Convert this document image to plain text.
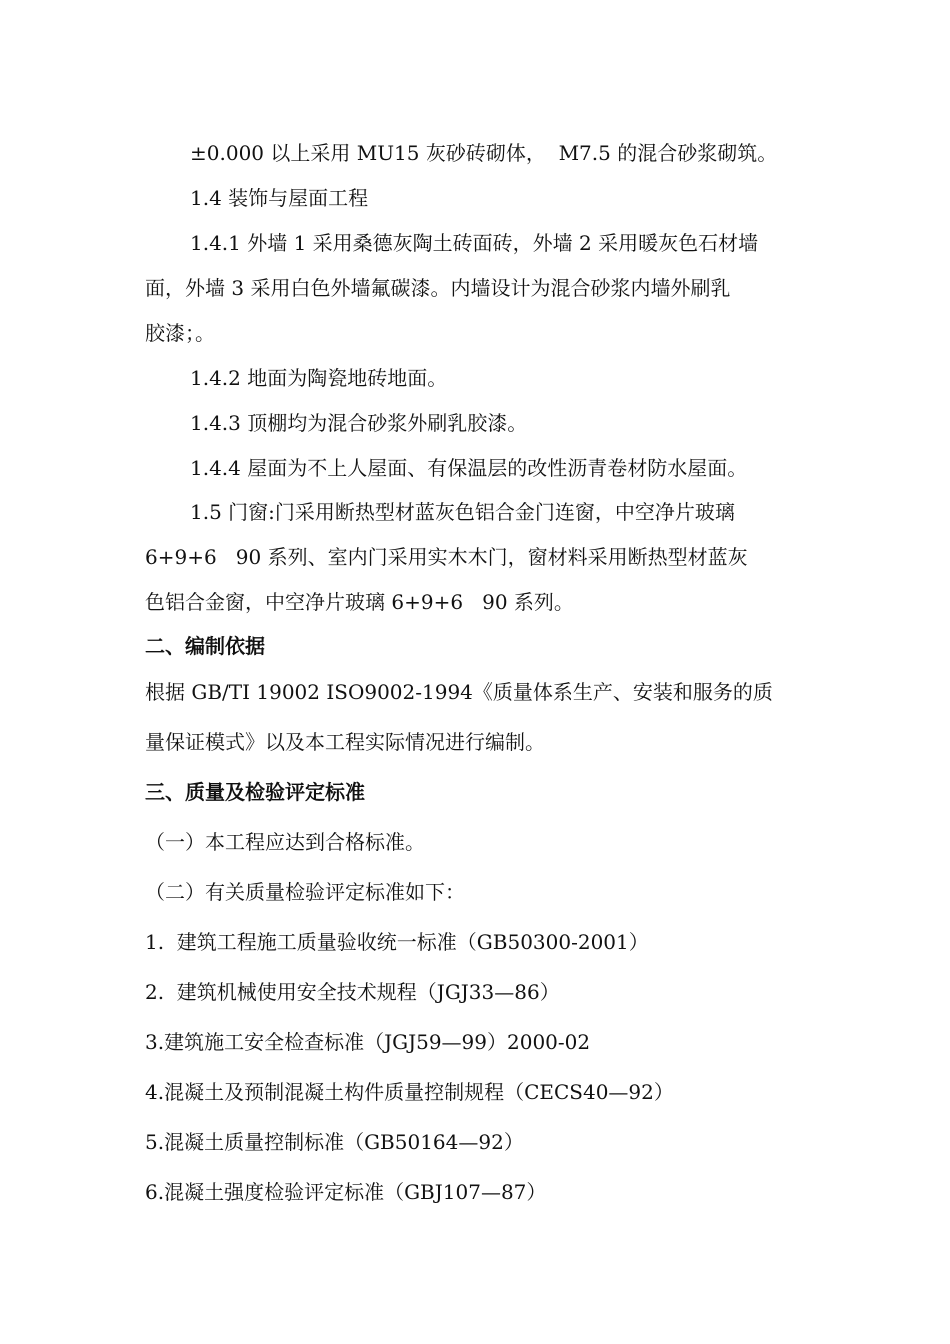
±0.000 以上采用 MU15 灰砂砖砌体，  M7.5 的混合砂浆砌筑。
1.4 装饰与屋面工程
1.4.1 外墙 1 采用桑德灰陶土砖面砖，外墙 2 采用暖灰色石材墙
面，外墙 3 采用白色外墙氟碳漆。内墙设计为混合砂浆内墙外刷乳
胶漆；。
1.4.2 地面为陶瓷地砖地面。
1.4.3 顶棚均为混合砂浆外刷乳胶漆。
1.4.4 屋面为不上人屋面、有保温层的改性沥青卷材防水屋面。
1.5 门窗:门采用断热型材蓝灰色铝合金门连窗，中空净片玻璃
6+9+6   90 系列、室内门采用实木木门，窗材料采用断热型材蓝灰
色铝合金窗，中空净片玻璃 6+9+6   90 系列。
二、编制依据
根据 GB/TI 19002 ISO9002-1994《质量体系生产、安装和服务的质
量保证模式》以及本工程实际情况进行编制。
三、质量及检验评定标准
（一）本工程应达到合格标准。
（二）有关质量检验评定标准如下：
1.  建筑工程施工质量验收统一标准（GB50300-2001）
2.  建筑机械使用安全技术规程（JGJ33—86）
3.建筑施工安全检查标准（JGJ59—99）2000-02
4.混凝土及预制混凝土构件质量控制规程（CECS40—92）
5.混凝土质量控制标准（GB50164—92）
6.混凝土强度检验评定标准（GBJ107—87）
